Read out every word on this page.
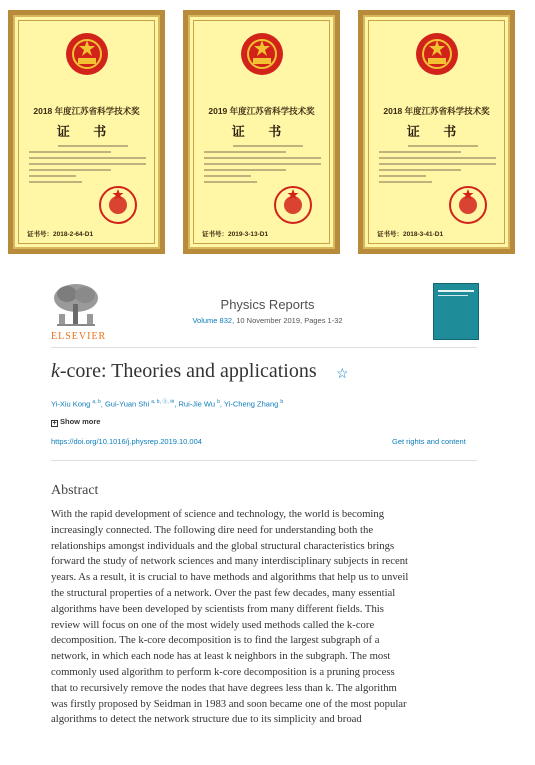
2018 年度江苏省科学技术奖
证 书
证书号：2018-2-64-D1
2019 年度江苏省科学技术奖
证 书
证书号：2019-3-13-D1
2018 年度江苏省科学技术奖
证 书
证书号：2018-3-41-D1
ELSEVIER
Physics Reports
Volume 832, 10 November 2019, Pages 1-32
k-core: Theories and applications ☆
Yi-Xiu Kong $^{a, b}$, Gui-Yuan Shi $^{a, b, Ⓐ, ✉}$, Rui-Jie Wu $^b$, Yi-Cheng Zhang $^b$
+ Show more
https://doi.org/10.1016/j.physrep.2019.10.004	Get rights and content
Abstract

With the rapid development of science and technology, the world is becoming
increasingly connected. The following dire need for understanding both the
relationships amongst individuals and the global structural characteristics brings
forward the study of network sciences and many interdisciplinary subjects in recent
years. As a result, it is crucial to have methods and algorithms that help us to unveil
the structural properties of a network. Over the past few decades, many essential
algorithms have been developed by scientists from many different fields. This
review will focus on one of the most widely used methods called the k-core
decomposition. The k-core decomposition is to find the largest subgraph of a
network, in which each node has at least k neighbors in the subgraph. The most
commonly used algorithm to perform k-core decomposition is a pruning process
that to recursively remove the nodes that have degrees less than k. The algorithm
was firstly proposed by Seidman in 1983 and soon became one of the most popular
algorithms to detect the network structure due to its simplicity and broad
